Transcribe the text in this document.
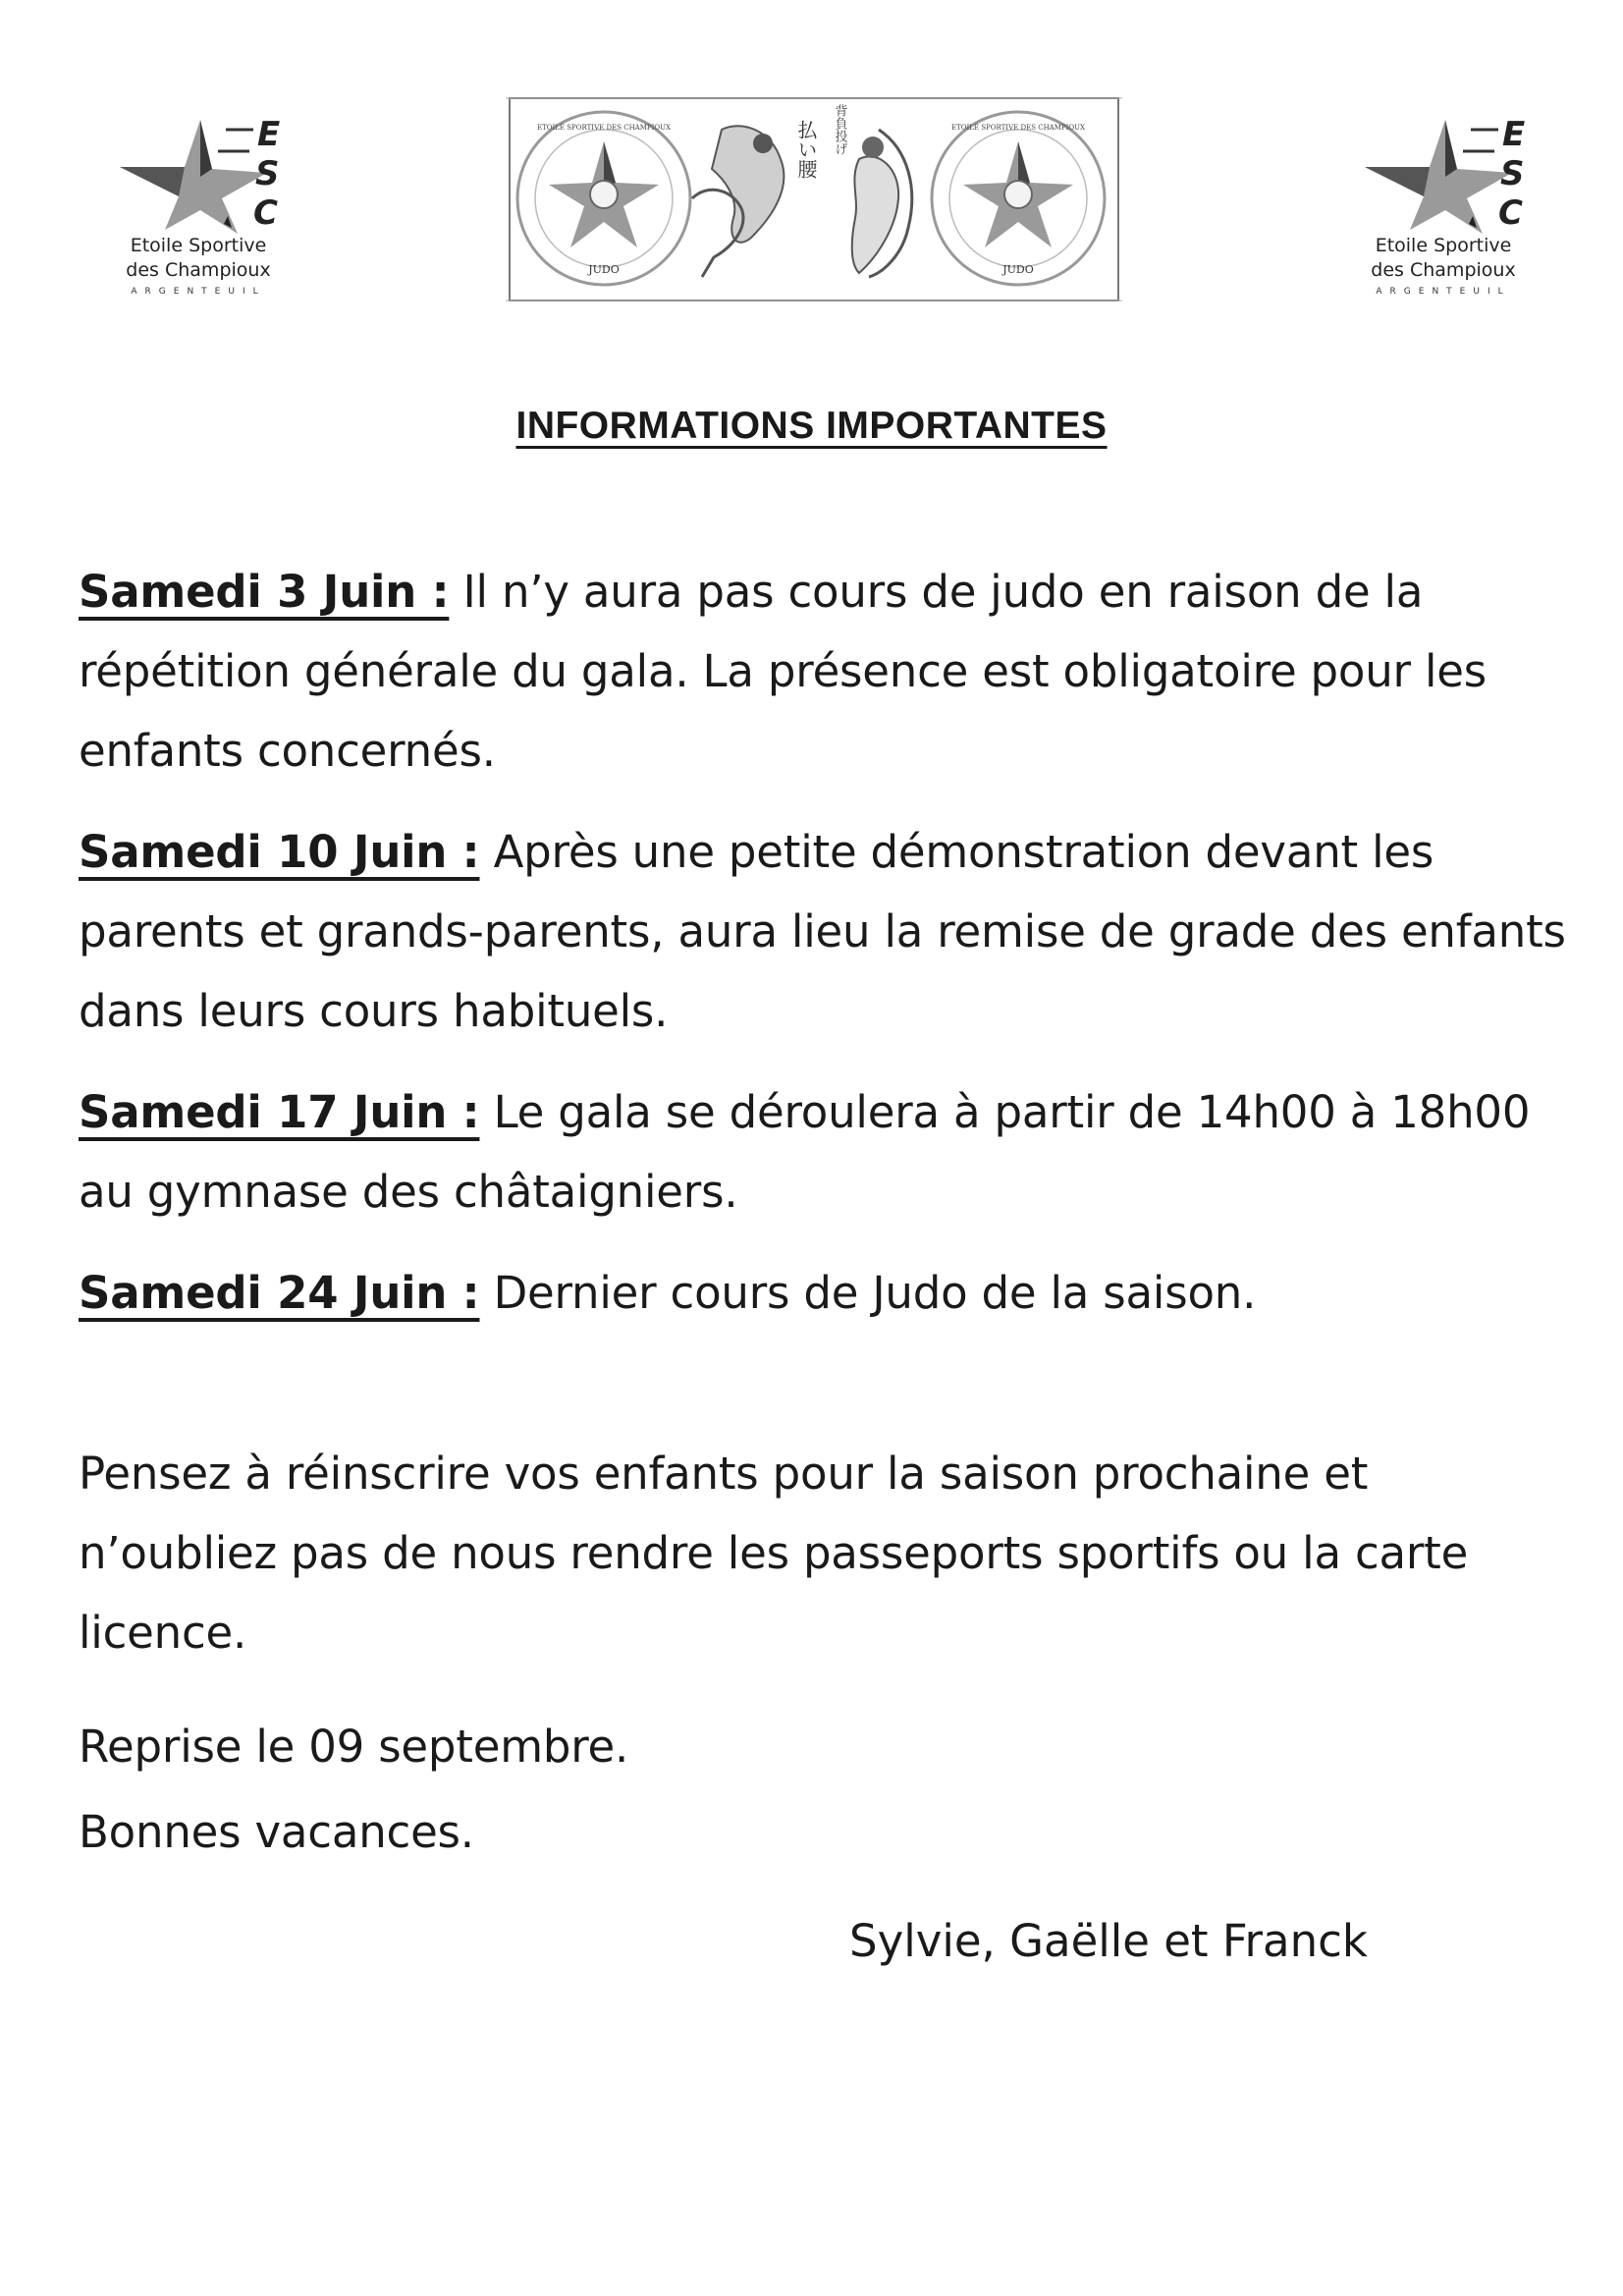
E
S
C
Etoile Sportive
des Champioux
ARGENTEUIL
JUDO
ETOILE SPORTIVE DES CHAMPIOUX	払い腰 背負投げ
JUDO
ETOILE SPORTIVE DES CHAMPIOUX	E
S
C
Etoile Sportive
des Champioux
ARGENTEUIL
INFORMATIONS IMPORTANTES
Samedi 3 Juin : Il n’y aura pas cours de judo en raison de la répétition générale du gala. La présence est obligatoire pour les enfants concernés.
Samedi 10 Juin : Après une petite démonstration devant les parents et grands-parents, aura lieu la remise de grade des enfants dans leurs cours habituels.
Samedi 17 Juin : Le gala se déroulera à partir de 14h00 à 18h00 au gymnase des châtaigniers.
Samedi 24 Juin : Dernier cours de Judo de la saison.
Pensez à réinscrire vos enfants pour la saison prochaine et n’oubliez pas de nous rendre les passeports sportifs ou la carte licence.
Reprise le 09 septembre.
Bonnes vacances.
Sylvie, Gaëlle et Franck
